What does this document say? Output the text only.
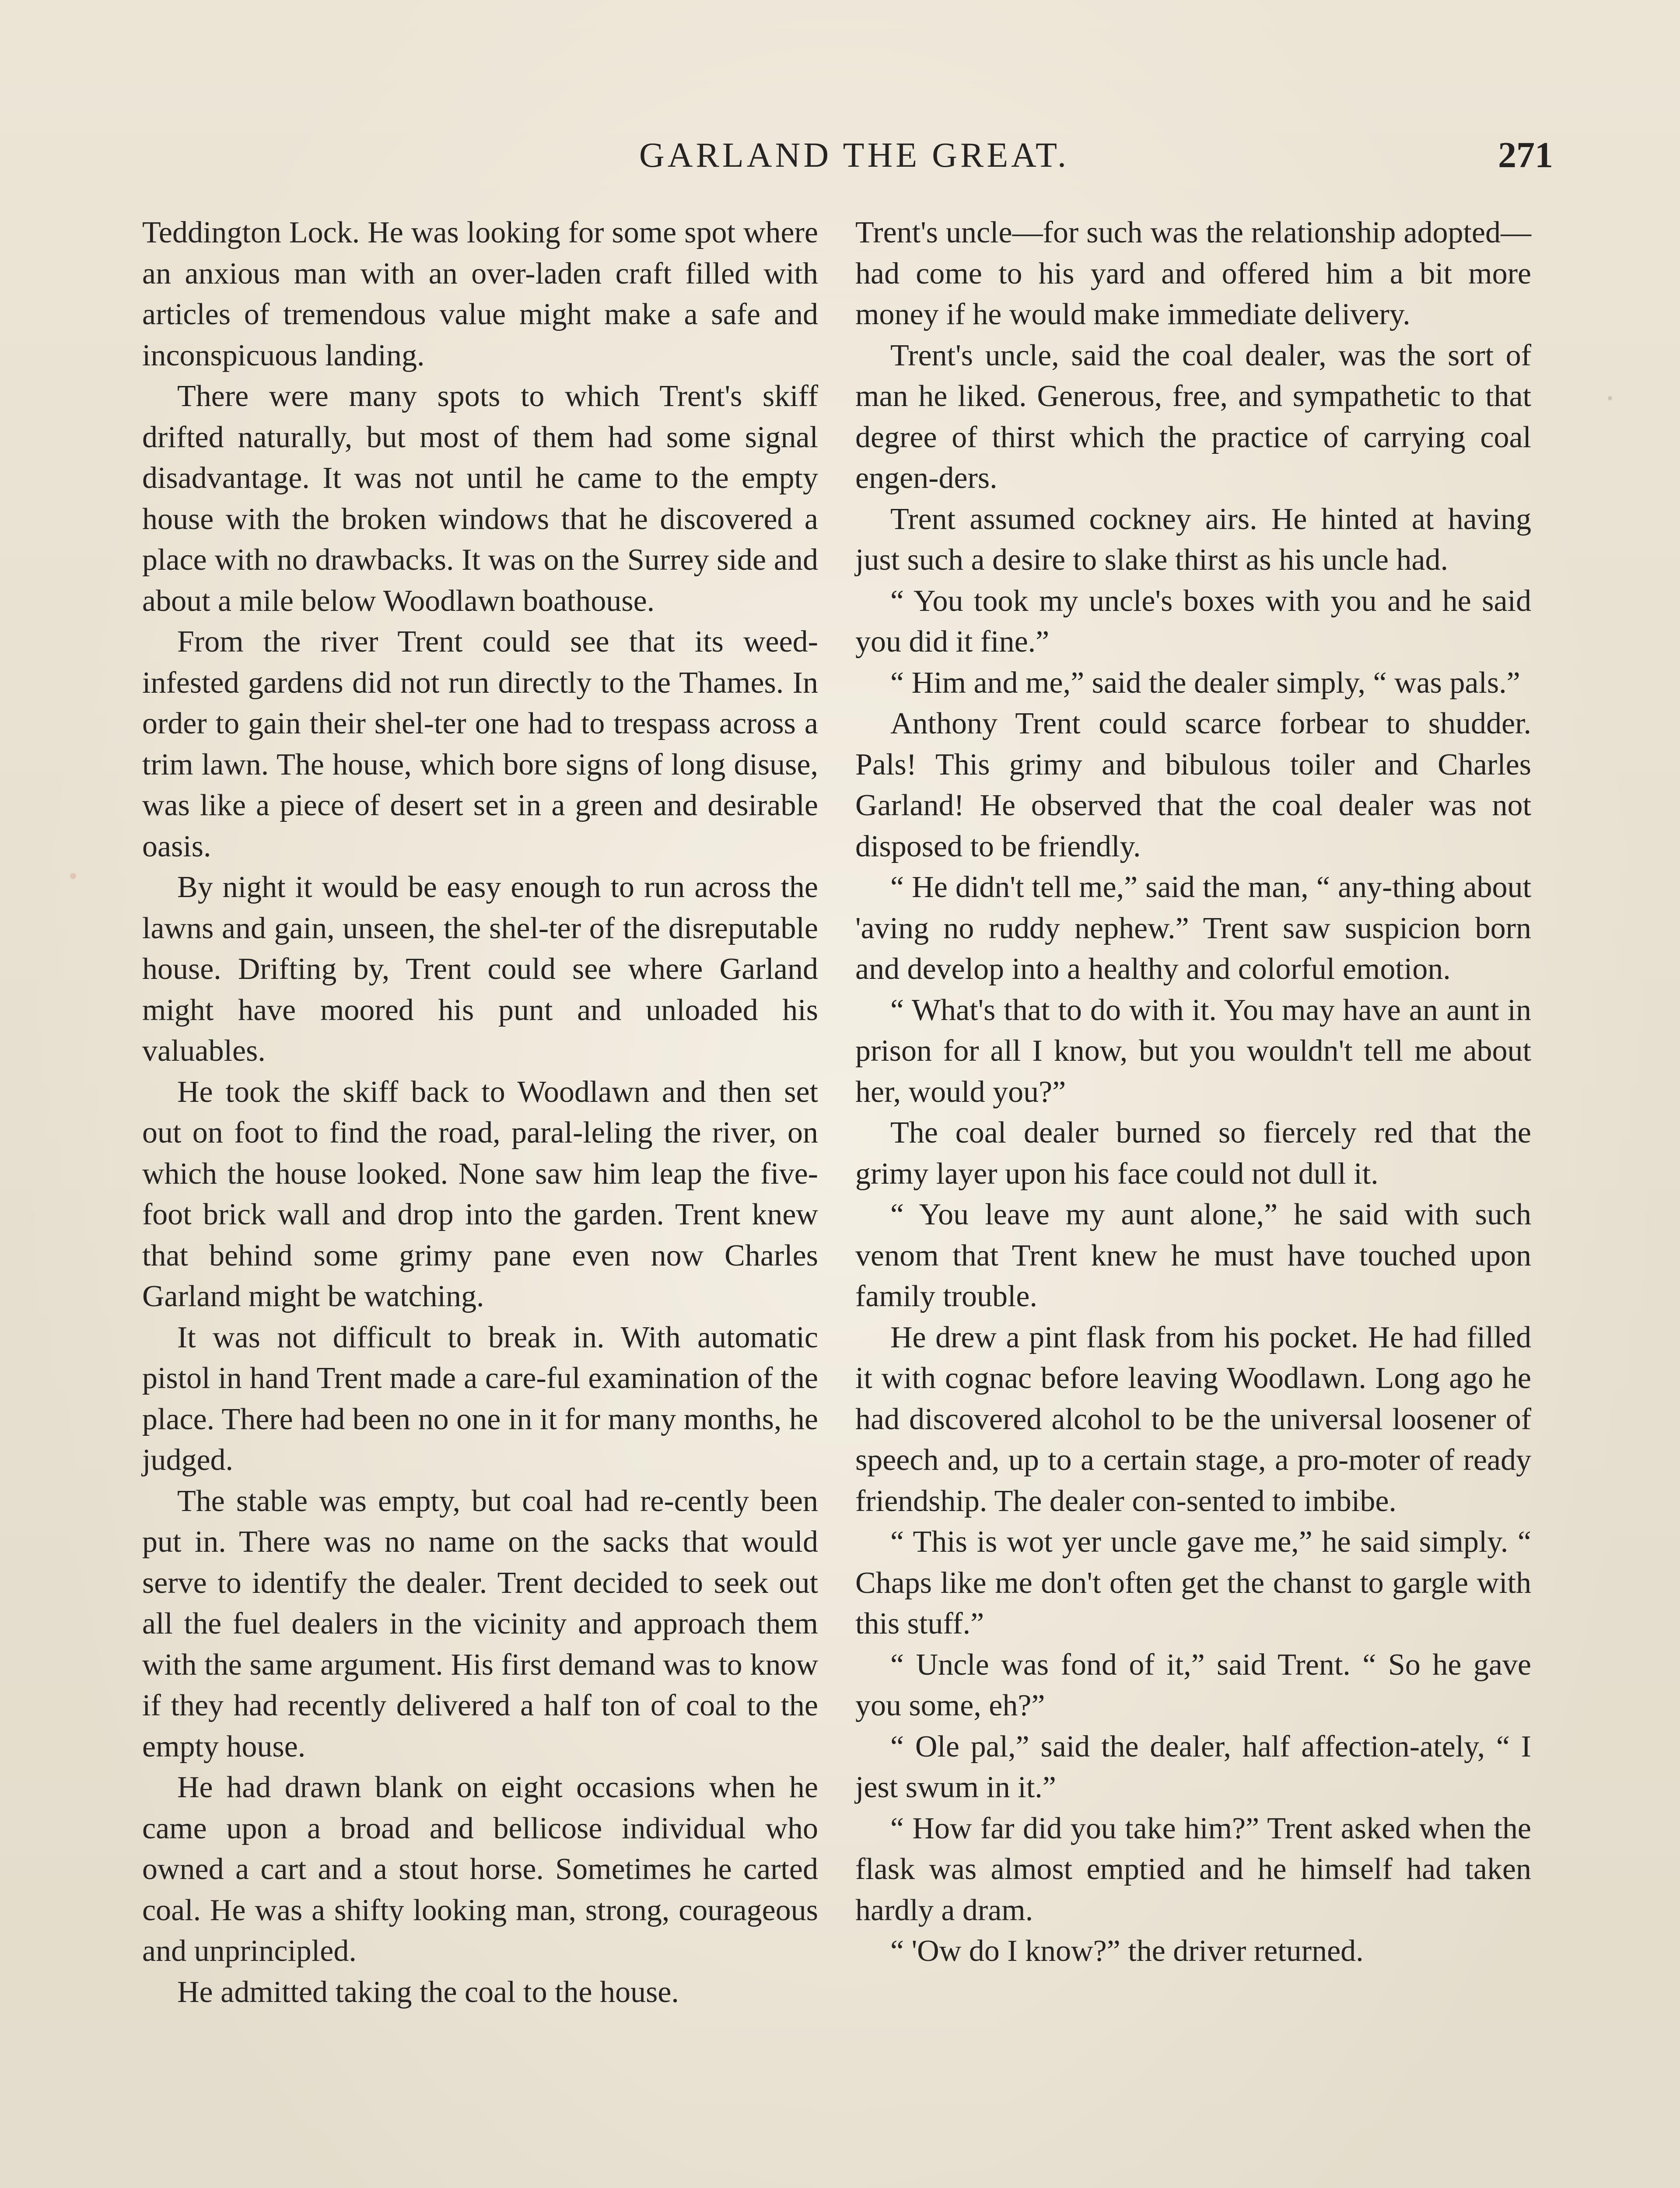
GARLAND THE GREAT.	271

Teddington Lock. He was looking for some spot where an anxious man with an over-laden craft filled with articles of tremendous value might make a safe and inconspicuous landing.

There were many spots to which Trent's skiff drifted naturally, but most of them had some signal disadvantage. It was not until he came to the empty house with the broken windows that he discovered a place with no drawbacks. It was on the Surrey side and about a mile below Woodlawn boathouse.

From the river Trent could see that its weed-infested gardens did not run directly to the Thames. In order to gain their shel-ter one had to trespass across a trim lawn. The house, which bore signs of long disuse, was like a piece of desert set in a green and desirable oasis.

By night it would be easy enough to run across the lawns and gain, unseen, the shel-ter of the disreputable house. Drifting by, Trent could see where Garland might have moored his punt and unloaded his valuables.

He took the skiff back to Woodlawn and then set out on foot to find the road, paral-leling the river, on which the house looked. None saw him leap the five-foot brick wall and drop into the garden. Trent knew that behind some grimy pane even now Charles Garland might be watching.

It was not difficult to break in. With automatic pistol in hand Trent made a care-ful examination of the place. There had been no one in it for many months, he judged.

The stable was empty, but coal had re-cently been put in. There was no name on the sacks that would serve to identify the dealer. Trent decided to seek out all the fuel dealers in the vicinity and approach them with the same argument. His first demand was to know if they had recently delivered a half ton of coal to the empty house.

He had drawn blank on eight occasions when he came upon a broad and bellicose individual who owned a cart and a stout horse. Sometimes he carted coal. He was a shifty looking man, strong, courageous and unprincipled.

He admitted taking the coal to the house.

Trent's uncle—for such was the relationship adopted—had come to his yard and offered him a bit more money if he would make immediate delivery.

Trent's uncle, said the coal dealer, was the sort of man he liked. Generous, free, and sympathetic to that degree of thirst which the practice of carrying coal engen-ders.

Trent assumed cockney airs. He hinted at having just such a desire to slake thirst as his uncle had.

“ You took my uncle's boxes with you and he said you did it fine.”

“ Him and me,” said the dealer simply, “ was pals.”

Anthony Trent could scarce forbear to shudder. Pals! This grimy and bibulous toiler and Charles Garland! He observed that the coal dealer was not disposed to be friendly.

“ He didn't tell me,” said the man, “ any-thing about 'aving no ruddy nephew.” Trent saw suspicion born and develop into a healthy and colorful emotion.

“ What's that to do with it. You may have an aunt in prison for all I know, but you wouldn't tell me about her, would you?”

The coal dealer burned so fiercely red that the grimy layer upon his face could not dull it.

“ You leave my aunt alone,” he said with such venom that Trent knew he must have touched upon family trouble.

He drew a pint flask from his pocket. He had filled it with cognac before leaving Woodlawn. Long ago he had discovered alcohol to be the universal loosener of speech and, up to a certain stage, a pro-moter of ready friendship. The dealer con-sented to imbibe.

“ This is wot yer uncle gave me,” he said simply. “ Chaps like me don't often get the chanst to gargle with this stuff.”

“ Uncle was fond of it,” said Trent. “ So he gave you some, eh?”

“ Ole pal,” said the dealer, half affection-ately, “ I jest swum in it.”

“ How far did you take him?” Trent asked when the flask was almost emptied and he himself had taken hardly a dram.

“ 'Ow do I know?” the driver returned.
